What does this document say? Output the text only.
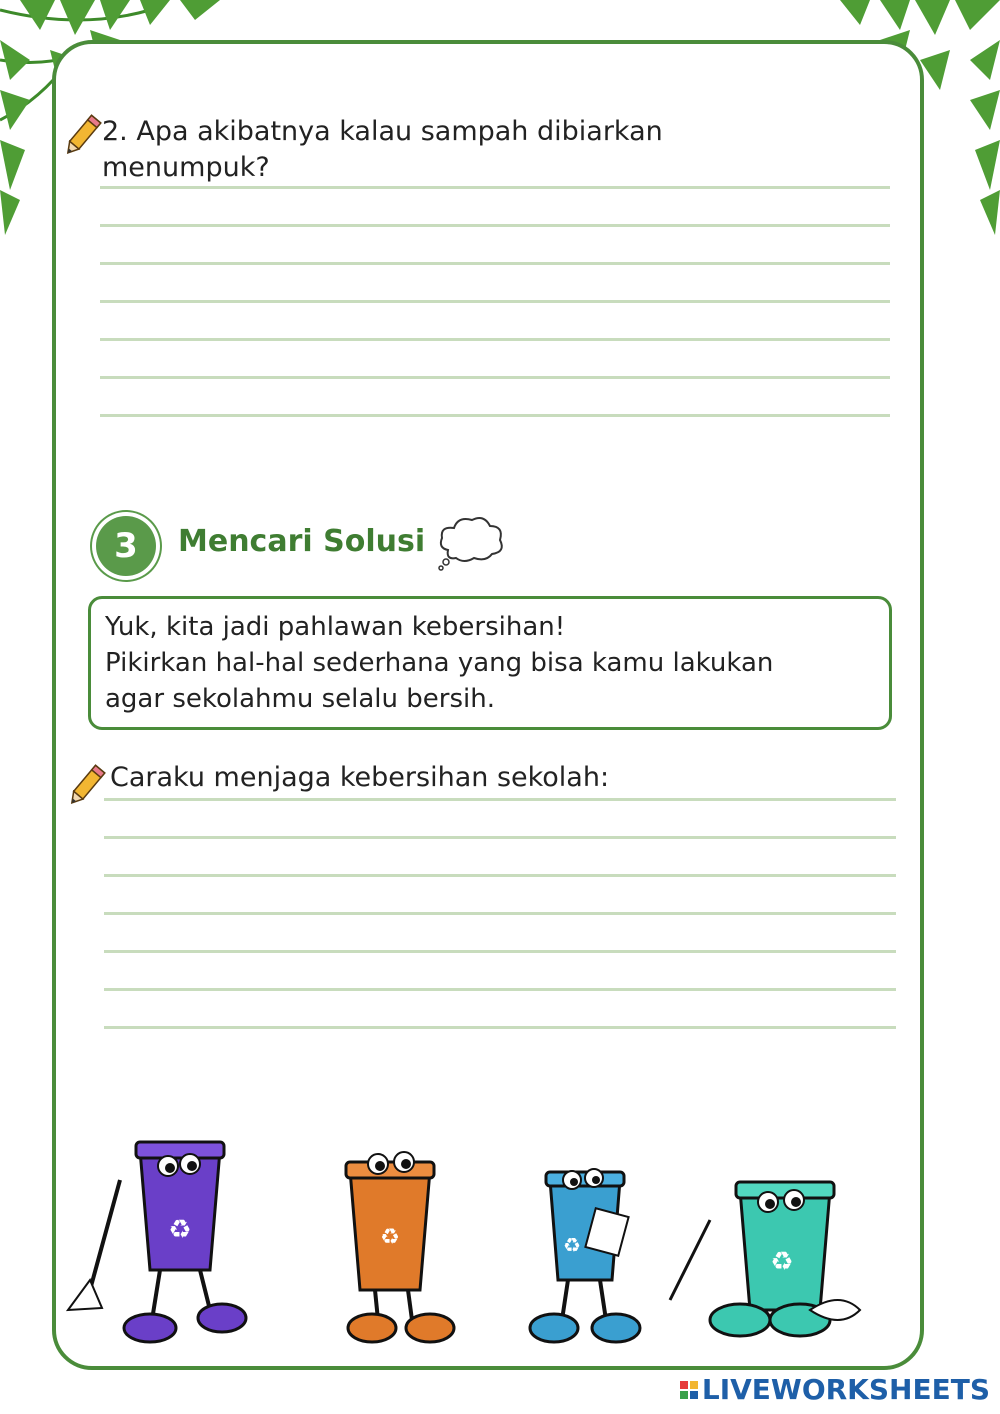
2. Apa akibatnya kalau sampah dibiarkan
menumpuk?
3	Mencari Solusi
Yuk, kita jadi pahlawan kebersihan!
Pikirkan hal-hal sederhana yang bisa kamu lakukan
agar sekolahmu selalu bersih.
Caraku menjaga kebersihan sekolah:
♻	♻	♻
♻
LIVEWORKSHEETS
